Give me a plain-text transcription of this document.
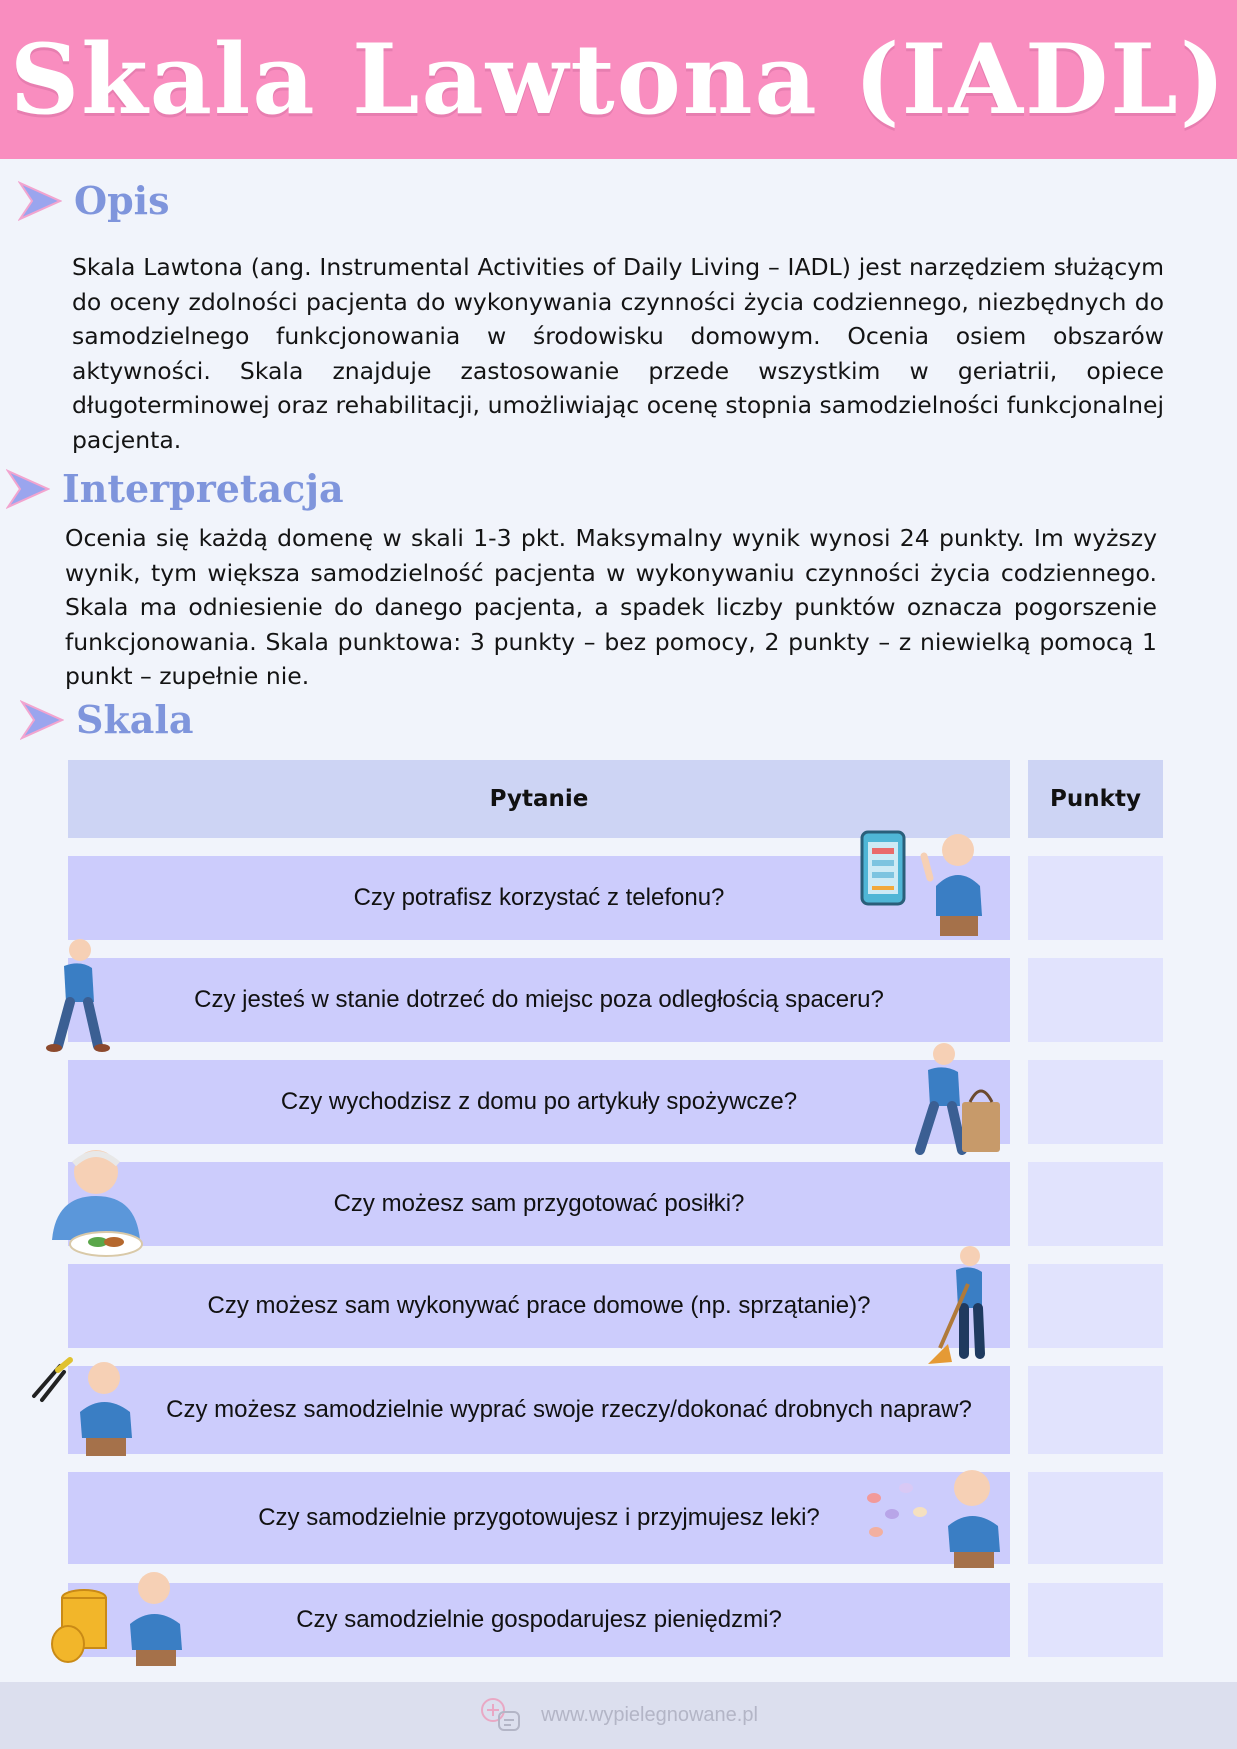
Skala Lawtona (IADL)
Opis

Skala Lawtona (ang. Instrumental Activities of Daily Living – IADL) jest narzędziem służącym do oceny zdolności pacjenta do wykonywania czynności życia codziennego, niezbędnych do samodzielnego funkcjonowania w środowisku domowym. Ocenia osiem obszarów aktywności. Skala znajduje zastosowanie przede wszystkim w geriatrii, opiece długoterminowej oraz rehabilitacji, umożliwiając ocenę stopnia samodzielności funkcjonalnej pacjenta.

Interpretacja

Ocenia się każdą domenę w skali 1-3 pkt. Maksymalny wynik wynosi 24 punkty. Im wyższy wynik, tym większa samodzielność pacjenta w wykonywaniu czynności życia codziennego. Skala ma odniesienie do danego pacjenta, a spadek liczby punktów oznacza pogorszenie funkcjonowania. Skala punktowa: 3 punkty – bez pomocy, 2 punkty – z niewielką pomocą 1 punkt – zupełnie nie.

Skala
Pytanie	Punkty
Czy potrafisz korzystać z telefonu?
Czy jesteś w stanie dotrzeć do miejsc poza odległością spaceru?
Czy wychodzisz z domu po artykuły spożywcze?
Czy możesz sam przygotować posiłki?
Czy możesz sam wykonywać prace domowe (np. sprzątanie)?
Czy możesz samodzielnie wyprać swoje rzeczy/dokonać drobnych napraw?
Czy samodzielnie przygotowujesz i przyjmujesz leki?
Czy samodzielnie gospodarujesz pieniędzmi?
www.wypielegnowane.pl
